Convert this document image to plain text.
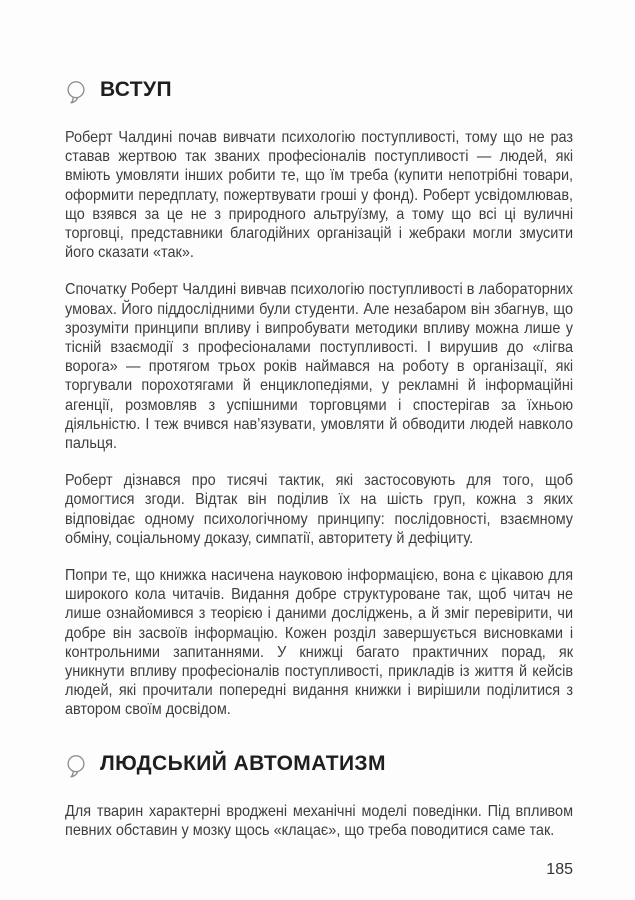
ВСТУП
Роберт Чалдині почав вивчати психологію поступливості, тому що не раз ставав жертвою так званих професіоналів поступливості — людей, які вміють умовляти інших робити те, що їм треба (купити непотрібні товари, оформити передплату, пожертвувати гроші у фонд). Роберт усвідомлював, що взявся за це не з природного альтруїзму, а тому що всі ці вуличні торговці, представники благодійних організацій і жебраки могли змусити його сказати «так».
Спочатку Роберт Чалдині вивчав психологію поступливості в лабораторних умовах. Його піддослідними були студенти. Але незабаром він збагнув, що зрозуміти принципи впливу і випробувати методики впливу можна лише у тісній взаємодії з професіоналами поступливості. І вирушив до «лігва ворога» — протягом трьох років наймався на роботу в організації, які торгували порохотягами й енциклопедіями, у рекламні й інформаційні агенції, розмовляв з успішними торговцями і спостерігав за їхньою діяльністю. І теж вчився нав’язувати, умовляти й обводити людей навколо пальця.
Роберт дізнався про тисячі тактик, які застосовують для того, щоб домогтися згоди. Відтак він поділив їх на шість груп, кожна з яких відповідає одному психологічному принципу: послідовності, взаємному обміну, соціальному доказу, симпатії, авторитету й дефіциту.
Попри те, що книжка насичена науковою інформацією, вона є цікавою для широкого кола читачів. Видання добре структуроване так, щоб читач не лише ознайомився з теорією і даними досліджень, а й зміг перевірити, чи добре він засвоїв інформацію. Кожен розділ завершується висновками і контрольними запитаннями. У книжці багато практичних порад, як уникнути впливу професіоналів поступливості, прикладів із життя й кейсів людей, які прочитали попередні видання книжки і вирішили поділитися з автором своїм досвідом.
ЛЮДСЬКИЙ АВТОМАТИЗМ
Для тварин характерні вроджені механічні моделі поведінки. Під впливом певних обставин у мозку щось «клацає», що треба поводитися саме так.
185
